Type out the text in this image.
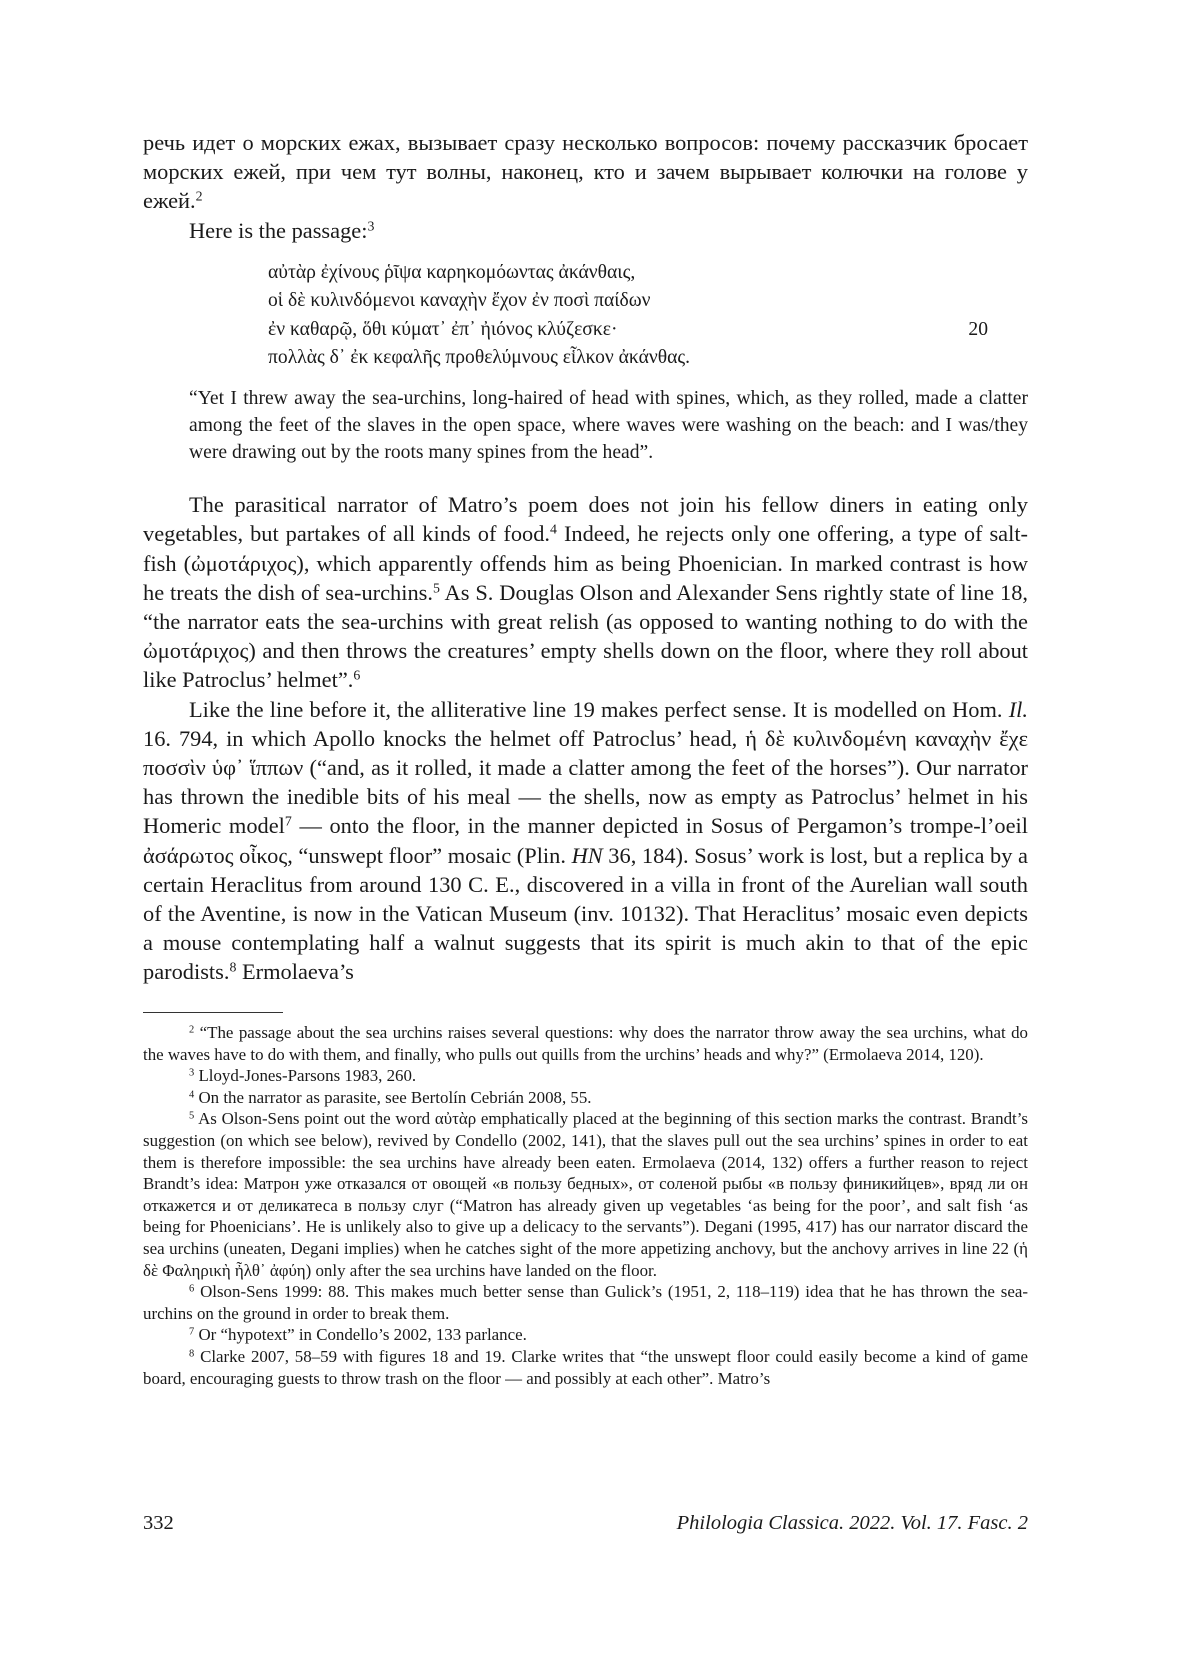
речь идет о морских ежах, вызывает сразу несколько вопросов: почему рассказчик бросает морских ежей, при чем тут волны, наконец, кто и зачем вырывает колючки на голове у ежей.$^2$

Here is the passage:$^3$

αὐτὰρ ἐχίνους ῥῖψα καρηκομόωντας ἀκάνθαις,
οἱ δὲ κυλινδόμενοι καναχὴν ἔχον ἐν ποσὶ παίδων
ἐν καθαρῷ, ὅθι κύματ᾽ ἐπ᾽ ἠιόνος κλύζεσκε·	20
πολλὰς δ᾽ ἐκ κεφαλῆς προθελύμνους εἷλκον ἀκάνθας.
“Yet I threw away the sea-urchins, long-haired of head with spines, which, as they rolled, made a clatter among the feet of the slaves in the open space, where waves were washing on the beach: and I was/they were drawing out by the roots many spines from the head”.

The parasitical narrator of Matro’s poem does not join his fellow diners in eating only vegetables, but partakes of all kinds of food.$^4$ Indeed, he rejects only one offering, a type of salt-fish (ὠμοτάριχος), which apparently offends him as being Phoenician. In marked contrast is how he treats the dish of sea-urchins.$^5$ As S. Douglas Olson and Alexander Sens rightly state of line 18, “the narrator eats the sea-urchins with great relish (as opposed to wanting nothing to do with the ὠμοτάριχος) and then throws the creatures’ empty shells down on the floor, where they roll about like Patroclus’ helmet”.$^6$

Like the line before it, the alliterative line 19 makes perfect sense. It is modelled on Hom. Il. 16. 794, in which Apollo knocks the helmet off Patroclus’ head, ἡ δὲ κυλινδομένη καναχὴν ἔχε ποσσὶν ὑφ᾽ ἵππων (“and, as it rolled, it made a clatter among the feet of the horses”). Our narrator has thrown the inedible bits of his meal — the shells, now as empty as Patroclus’ helmet in his Homeric model$^7$ — onto the floor, in the manner depicted in Sosus of Pergamon’s trompe-l’oeil ἀσάρωτος οἶκος, “unswept floor” mosaic (Plin. HN 36, 184). Sosus’ work is lost, but a replica by a certain Heraclitus from around 130 C. E., discovered in a villa in front of the Aurelian wall south of the Aventine, is now in the Vatican Museum (inv. 10132). That Heraclitus’ mosaic even depicts a mouse contemplating half a walnut suggests that its spirit is much akin to that of the epic parodists.$^8$ Ermolaeva’s

$^2$ “The passage about the sea urchins raises several questions: why does the narrator throw away the sea urchins, what do the waves have to do with them, and finally, who pulls out quills from the urchins’ heads and why?” (Ermolaeva 2014, 120).

$^3$ Lloyd-Jones-Parsons 1983, 260.

$^4$ On the narrator as parasite, see Bertolín Cebrián 2008, 55.

$^5$ As Olson-Sens point out the word αὐτὰρ emphatically placed at the beginning of this section marks the contrast. Brandt’s suggestion (on which see below), revived by Condello (2002, 141), that the slaves pull out the sea urchins’ spines in order to eat them is therefore impossible: the sea urchins have already been eaten. Ermolaeva (2014, 132) offers a further reason to reject Brandt’s idea: Матрон уже отказался от овощей «в пользу бедных», от соленой рыбы «в пользу финикийцев», вряд ли он откажется и от деликатеса в пользу слуг (“Matron has already given up vegetables ‘as being for the poor’, and salt fish ‘as being for Phoenicians’. He is unlikely also to give up a delicacy to the servants”). Degani (1995, 417) has our narrator discard the sea urchins (uneaten, Degani implies) when he catches sight of the more appetizing anchovy, but the anchovy arrives in line 22 (ἡ δὲ Φαληρικὴ ἦλθ᾽ ἀφύη) only after the sea urchins have landed on the floor.

$^6$ Olson-Sens 1999: 88. This makes much better sense than Gulick’s (1951, 2, 118–119) idea that he has thrown the sea-urchins on the ground in order to break them.

$^7$ Or “hypotext” in Condello’s 2002, 133 parlance.

$^8$ Clarke 2007, 58–59 with figures 18 and 19. Clarke writes that “the unswept floor could easily become a kind of game board, encouraging guests to throw trash on the floor — and possibly at each other”. Matro’s

332	Philologia Classica. 2022. Vol. 17. Fasc. 2
